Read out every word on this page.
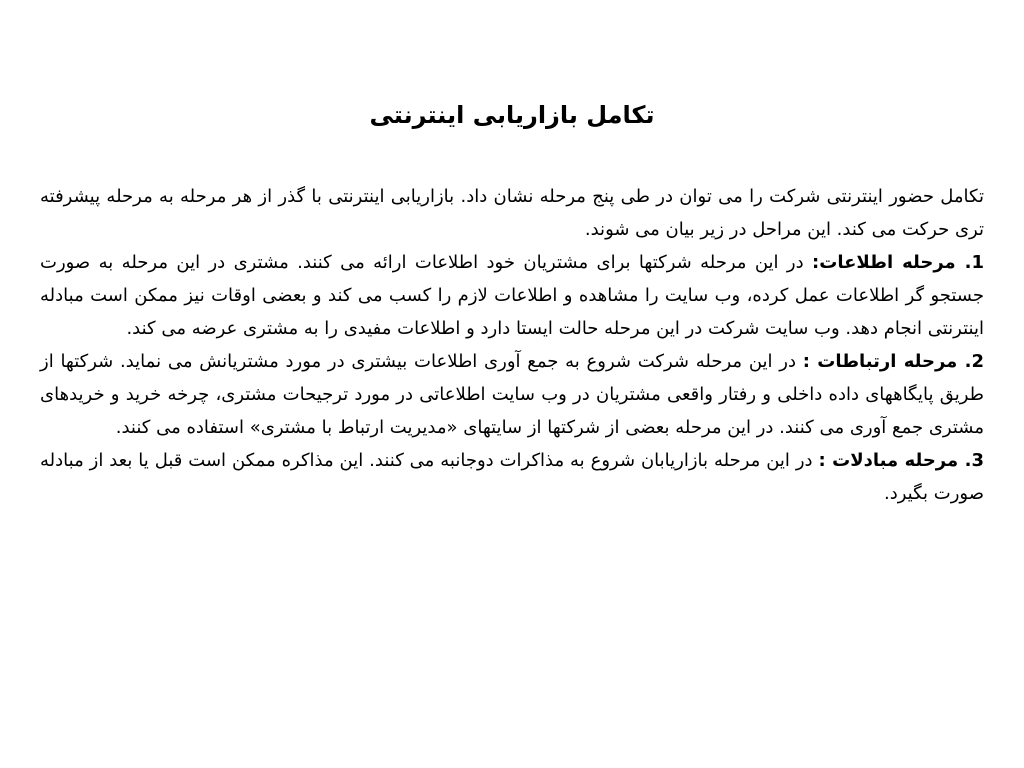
تکامل بازاریابی اینترنتی

تکامل حضور اینترنتی شرکت را می توان در طی پنج مرحله نشان داد. بازاریابی اینترنتی با گذر از هر مرحله به مرحله پیشرفته تری حرکت می کند. این مراحل در زیر بیان می شوند.

1. مرحله اطلاعات: در این مرحله شرکتها برای مشتریان خود اطلاعات ارائه می کنند. مشتری در این مرحله به صورت جستجو گر اطلاعات عمل کرده، وب سایت را مشاهده و اطلاعات لازم را کسب می کند و بعضی اوقات نیز ممکن است مبادله اینترنتی انجام دهد. وب سایت شرکت در این مرحله حالت ایستا دارد و اطلاعات مفیدی را به مشتری عرضه می کند.

2. مرحله ارتباطات : در این مرحله شرکت شروع به جمع آوری اطلاعات بیشتری در مورد مشتریانش می نماید. شرکتها از طریق پایگاههای داده داخلی و رفتار واقعی مشتریان در وب سایت اطلاعاتی در مورد ترجیحات مشتری، چرخه خرید و خریدهای مشتری جمع آوری می کنند. در این مرحله بعضی از شرکتها از سایتهای «مدیریت ارتباط با مشتری» استفاده می کنند.

3. مرحله مبادلات : در این مرحله بازاریابان شروع به مذاکرات دوجانبه می کنند. این مذاکره ممکن است قبل یا بعد از مبادله صورت بگیرد.
